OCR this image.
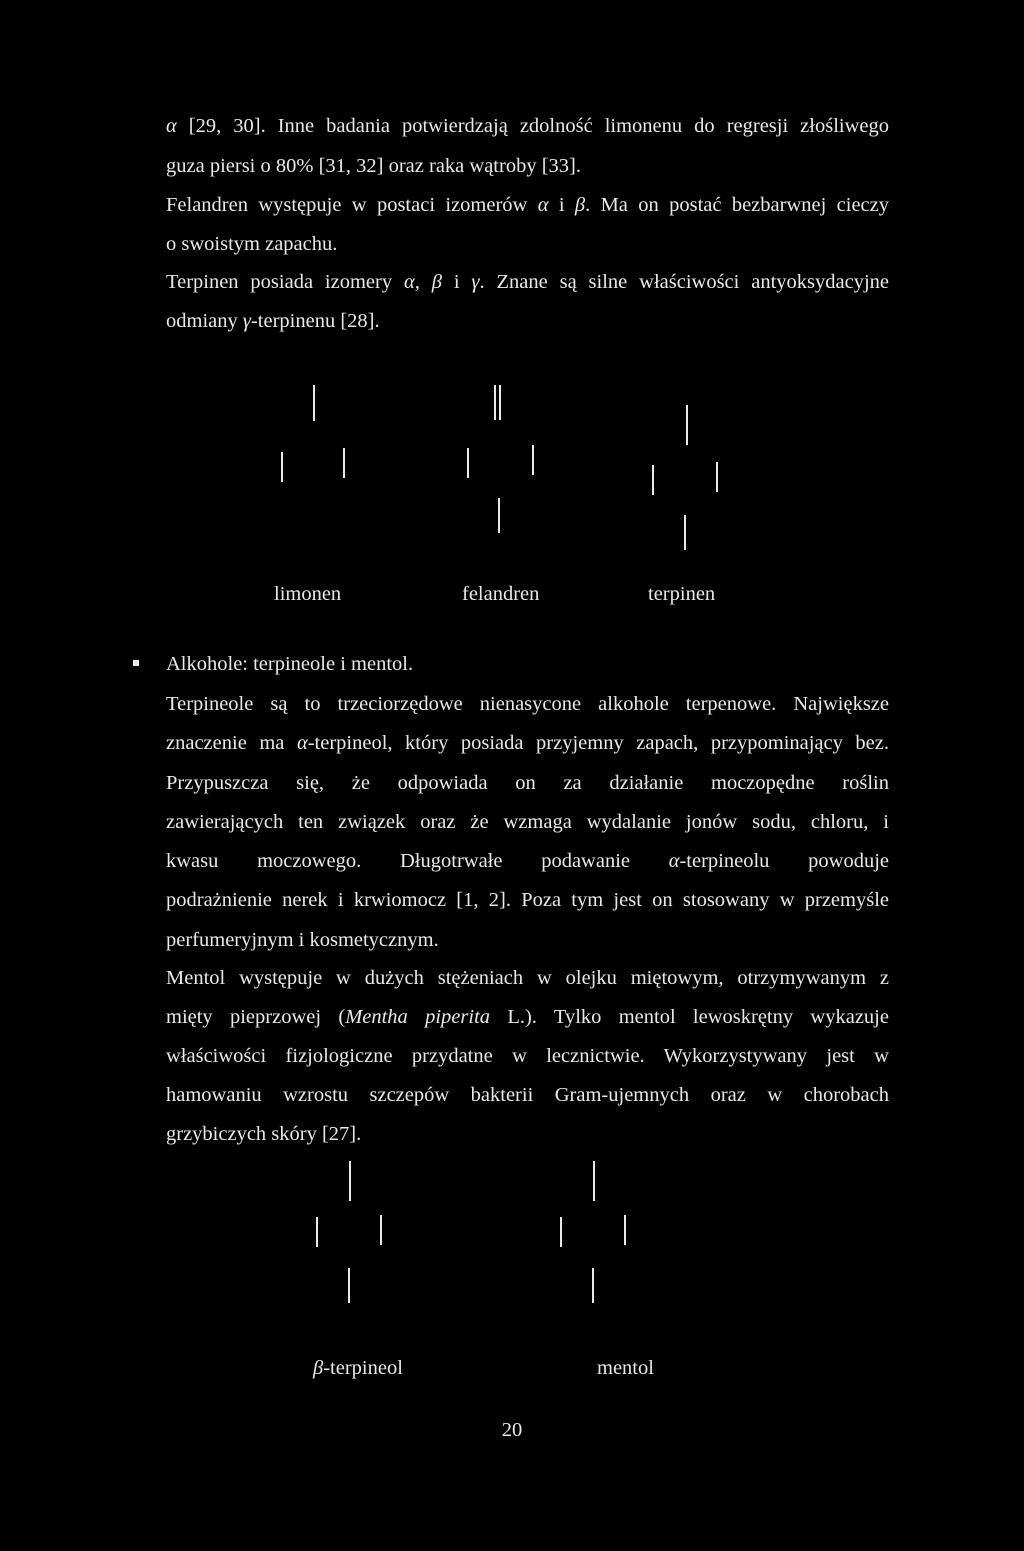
α [29, 30]. Inne badania potwierdzają zdolność limonenu do regresji złośliwego
guza piersi o 80% [31, 32] oraz raka wątroby [33].
Felandren występuje w postaci izomerów α i β. Ma on postać bezbarwnej cieczy
o swoistym zapachu.
Terpinen posiada izomery α, β i γ. Znane są silne właściwości antyoksydacyjne
odmiany γ-terpinenu [28].
limonen	felandren	terpinen
Alkohole: terpineole i mentol.
Terpineole są to trzeciorzędowe nienasycone alkohole terpenowe. Największe
znaczenie ma α-terpineol, który posiada przyjemny zapach, przypominający bez.
Przypuszcza się, że odpowiada on za działanie moczopędne roślin
zawierających ten związek oraz że wzmaga wydalanie jonów sodu, chloru, i
kwasu moczowego. Długotrwałe podawanie α-terpineolu powoduje
podrażnienie nerek i krwiomocz [1, 2]. Poza tym jest on stosowany w przemyśle
perfumeryjnym i kosmetycznym.
Mentol występuje w dużych stężeniach w olejku miętowym, otrzymywanym z
mięty pieprzowej (Mentha piperita L.). Tylko mentol lewoskrętny wykazuje
właściwości fizjologiczne przydatne w lecznictwie. Wykorzystywany jest w
hamowaniu wzrostu szczepów bakterii Gram-ujemnych oraz w chorobach
grzybiczych skóry [27].
β-terpineol	mentol
20
